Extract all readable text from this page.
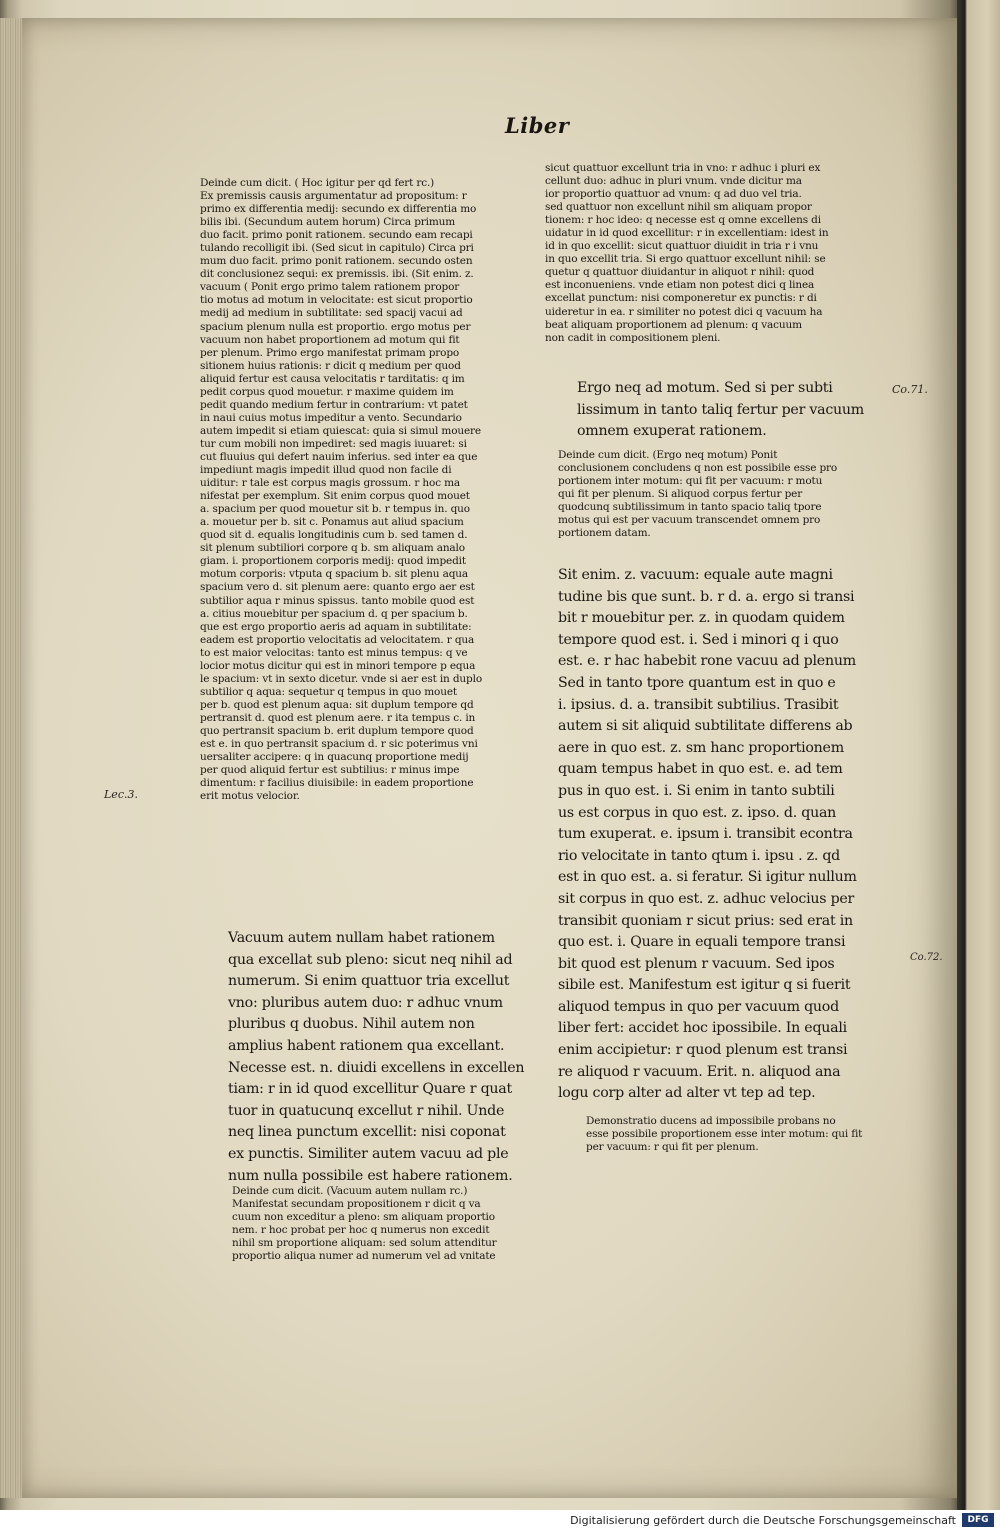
Liber
Deinde cum dicit. ( Hoc igitur per qd fert rc.)
Ex premissis causis argumentatur ad propositum: r
primo ex differentia medij: secundo ex differentia mo
bilis ibi. (Secundum autem horum) Circa primum
duo facit. primo ponit rationem. secundo eam recapi
tulando recolligit ibi. (Sed sicut in capitulo) Circa pri
mum duo facit. primo ponit rationem. secundo osten
dit conclusionez sequi: ex premissis. ibi. (Sit enim. z.
vacuum ( Ponit ergo primo talem rationem propor
tio motus ad motum in velocitate: est sicut proportio
medij ad medium in subtilitate: sed spacij vacui ad
spacium plenum nulla est proportio. ergo motus per
vacuum non habet proportionem ad motum qui fit
per plenum. Primo ergo manifestat primam propo
sitionem huius rationis: r dicit q medium per quod
aliquid fertur est causa velocitatis r tarditatis: q im
pedit corpus quod mouetur. r maxime quidem im
pedit quando medium fertur in contrarium: vt patet
in naui cuius motus impeditur a vento. Secundario
autem impedit si etiam quiescat: quia si simul mouere
tur cum mobili non impediret: sed magis iuuaret: si
cut fluuius qui defert nauim inferius. sed inter ea que
impediunt magis impedit illud quod non facile di
uiditur: r tale est corpus magis grossum. r hoc ma
nifestat per exemplum. Sit enim corpus quod mouet
a. spacium per quod mouetur sit b. r tempus in. quo
a. mouetur per b. sit c. Ponamus aut aliud spacium
quod sit d. equalis longitudinis cum b. sed tamen d.
sit plenum subtiliori corpore q b. sm aliquam analo
giam. i. proportionem corporis medij: quod impedit
motum corporis: vtputa q spacium b. sit plenu aqua
spacium vero d. sit plenum aere: quanto ergo aer est
subtilior aqua r minus spissus. tanto mobile quod est
a. citius mouebitur per spacium d. q per spacium b.
que est ergo proportio aeris ad aquam in subtilitate:
eadem est proportio velocitatis ad velocitatem. r qua
to est maior velocitas: tanto est minus tempus: q ve
locior motus dicitur qui est in minori tempore p equa
le spacium: vt in sexto dicetur. vnde si aer est in duplo
subtilior q aqua: sequetur q tempus in quo mouet
per b. quod est plenum aqua: sit duplum tempore qd
pertransit d. quod est plenum aere. r ita tempus c. in
quo pertransit spacium b. erit duplum tempore quod
est e. in quo pertransit spacium d. r sic poterimus vni
uersaliter accipere: q in quacunq proportione medij
per quod aliquid fertur est subtilius: r minus impe
dimentum: r facilius diuisibile: in eadem proportione
erit motus velocior.
Vacuum autem nullam habet rationem
qua excellat sub pleno: sicut neq nihil ad
numerum. Si enim quattuor tria excellut
vno: pluribus autem duo: r adhuc vnum
pluribus q duobus. Nihil autem non
amplius habent rationem qua excellant.
Necesse est. n. diuidi excellens in excellen
tiam: r in id quod excellitur Quare r quat
tuor in quatucunq excellut r nihil. Unde
neq linea punctum excellit: nisi coponat
ex punctis. Similiter autem vacuu ad ple
num nulla possibile est habere rationem.
Deinde cum dicit. (Vacuum autem nullam rc.)
Manifestat secundam propositionem r dicit q va
cuum non exceditur a pleno: sm aliquam proportio
nem. r hoc probat per hoc q numerus non excedit
nihil sm proportione aliquam: sed solum attenditur
proportio aliqua numer ad numerum vel ad vnitate
sicut quattuor excellunt tria in vno: r adhuc i pluri ex
cellunt duo: adhuc in pluri vnum. vnde dicitur ma
ior proportio quattuor ad vnum: q ad duo vel tria.
sed quattuor non excellunt nihil sm aliquam propor
tionem: r hoc ideo: q necesse est q omne excellens di
uidatur in id quod excellitur: r in excellentiam: idest in
id in quo excellit: sicut quattuor diuidit in tria r i vnu
in quo excellit tria. Si ergo quattuor excellunt nihil: se
quetur q quattuor diuidantur in aliquot r nihil: quod
est inconueniens. vnde etiam non potest dici q linea
excellat punctum: nisi componeretur ex punctis: r di
uideretur in ea. r similiter no potest dici q vacuum ha
beat aliquam proportionem ad plenum: q vacuum
non cadit in compositionem pleni.
Ergo neq ad motum. Sed si per subti
lissimum in tanto taliq fertur per vacuum
omnem exuperat rationem.
Deinde cum dicit. (Ergo neq motum) Ponit
conclusionem concludens q non est possibile esse pro
portionem inter motum: qui fit per vacuum: r motu
qui fit per plenum. Si aliquod corpus fertur per
quodcunq subtilissimum in tanto spacio taliq tpore
motus qui est per vacuum transcendet omnem pro
portionem datam.
Sit enim. z. vacuum: equale aute magni
tudine bis que sunt. b. r d. a. ergo si transi
bit r mouebitur per. z. in quodam quidem
tempore quod est. i. Sed i minori q i quo
est. e. r hac habebit rone vacuu ad plenum
Sed in tanto tpore quantum est in quo e
i. ipsius. d. a. transibit subtilius. Trasibit
autem si sit aliquid subtilitate differens ab
aere in quo est. z. sm hanc proportionem
quam tempus habet in quo est. e. ad tem
pus in quo est. i. Si enim in tanto subtili
us est corpus in quo est. z. ipso. d. quan
tum exuperat. e. ipsum i. transibit econtra
rio velocitate in tanto qtum i. ipsu . z. qd
est in quo est. a. si feratur. Si igitur nullum
sit corpus in quo est. z. adhuc velocius per
transibit quoniam r sicut prius: sed erat in
quo est. i. Quare in equali tempore transi
bit quod est plenum r vacuum. Sed ipos
sibile est. Manifestum est igitur q si fuerit
aliquod tempus in quo per vacuum quod
liber fert: accidet hoc ipossibile. In equali
enim accipietur: r quod plenum est transi
re aliquod r vacuum. Erit. n. aliquod ana
logu corp alter ad alter vt tep ad tep.
Demonstratio ducens ad impossibile probans no
esse possibile proportionem esse inter motum: qui fit
per vacuum: r qui fit per plenum.
Lec.3.
Co.71.
Co.72.
Digitalisierung gefördert durch die Deutsche Forschungsgemeinschaft	DFG
